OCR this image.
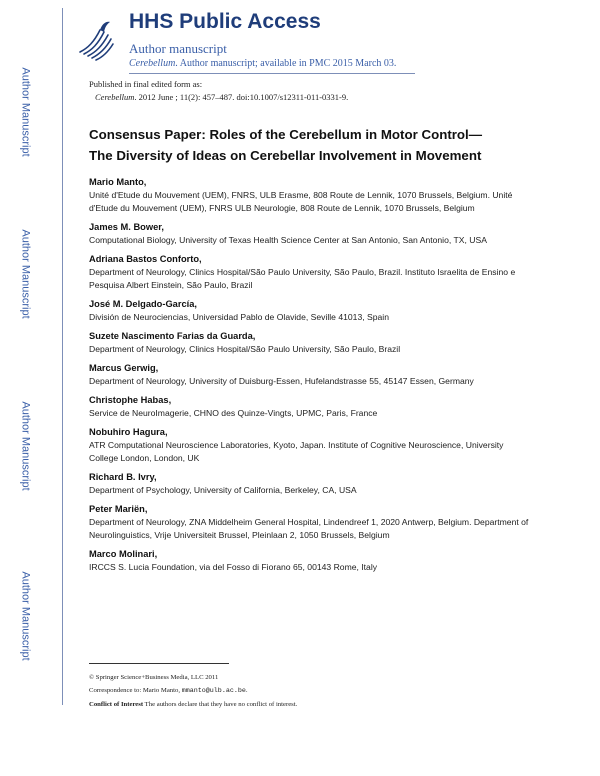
Author Manuscript
Author Manuscript
Author Manuscript
Author Manuscript
HHS Public Access
Author manuscript
Cerebellum. Author manuscript; available in PMC 2015 March 03.
Published in final edited form as:
Cerebellum. 2012 June ; 11(2): 457–487. doi:10.1007/s12311-011-0331-9.
Consensus Paper: Roles of the Cerebellum in Motor Control—
The Diversity of Ideas on Cerebellar Involvement in Movement
Mario Manto,
Unité d'Etude du Mouvement (UEM), FNRS, ULB Erasme, 808 Route de Lennik, 1070 Brussels, Belgium. Unité d'Etude du Mouvement (UEM), FNRS ULB Neurologie, 808 Route de Lennik, 1070 Brussels, Belgium
James M. Bower,
Computational Biology, University of Texas Health Science Center at San Antonio, San Antonio, TX, USA
Adriana Bastos Conforto,
Department of Neurology, Clinics Hospital/São Paulo University, São Paulo, Brazil. Instituto Israelita de Ensino e Pesquisa Albert Einstein, São Paulo, Brazil
José M. Delgado-García,
División de Neurociencias, Universidad Pablo de Olavide, Seville 41013, Spain
Suzete Nascimento Farias da Guarda,
Department of Neurology, Clinics Hospital/São Paulo University, São Paulo, Brazil
Marcus Gerwig,
Department of Neurology, University of Duisburg-Essen, Hufelandstrasse 55, 45147 Essen, Germany
Christophe Habas,
Service de NeuroImagerie, CHNO des Quinze-Vingts, UPMC, Paris, France
Nobuhiro Hagura,
ATR Computational Neuroscience Laboratories, Kyoto, Japan. Institute of Cognitive Neuroscience, University College London, London, UK
Richard B. Ivry,
Department of Psychology, University of California, Berkeley, CA, USA
Peter Mariën,
Department of Neurology, ZNA Middelheim General Hospital, Lindendreef 1, 2020 Antwerp, Belgium. Department of Neurolinguistics, Vrije Universiteit Brussel, Pleinlaan 2, 1050 Brussels, Belgium
Marco Molinari,
IRCCS S. Lucia Foundation, via del Fosso di Fiorano 65, 00143 Rome, Italy
© Springer Science+Business Media, LLC 2011
Correspondence to: Mario Manto, mmanto@ulb.ac.be.
Conflict of Interest The authors declare that they have no conflict of interest.
